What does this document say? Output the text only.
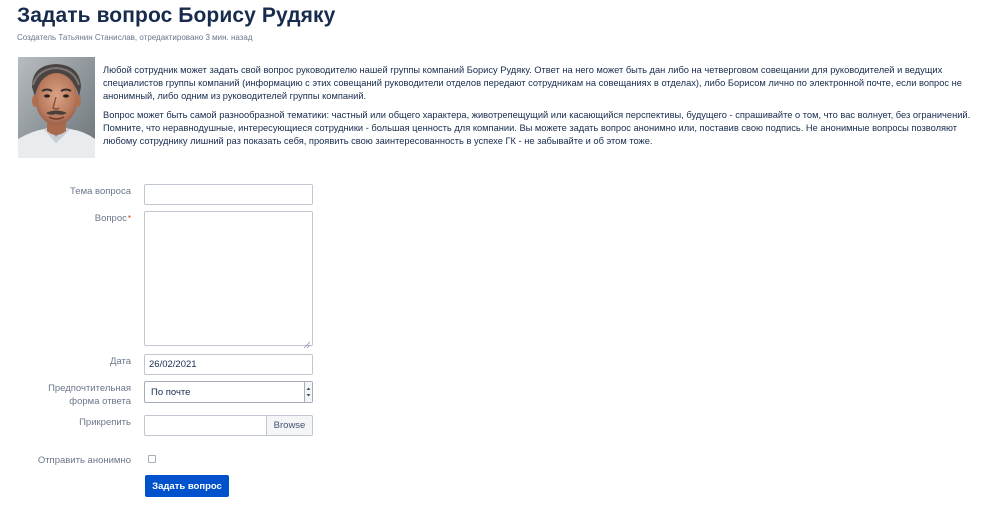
Задать вопрос Борису Рудяку
Создатель Татьянин Станислав, отредактировано 3 мин. назад

Любой сотрудник может задать свой вопрос руководителю нашей группы компаний Борису Рудяку. Ответ на него может быть дан либо на четверговом совещании для руководителей и ведущих специалистов группы компаний (информацию с этих совещаний руководители отделов передают сотрудникам на совещаниях в отделах), либо Борисом лично по электронной почте, если вопрос не анонимный, либо одним из руководителей группы компаний.

Вопрос может быть самой разнообразной тематики: частный или общего характера, животрепещущий или касающийся перспективы, будущего - спрашивайте о том, что вас волнует, без ограничений. Помните, что неравнодушные, интересующиеся сотрудники - большая ценность для компании. Вы можете задать вопрос анонимно или, поставив свою подпись. Не анонимные вопросы позволяют любому сотруднику лишний раз показать себя, проявить свою заинтересованность в успехе ГК - не забывайте и об этом тоже.

Тема вопроса
Вопрос*
Дата
26/02/2021
Предпочтительная
форма ответа
По почте
Прикрепить	Browse
Отправить анонимно
Задать вопрос
